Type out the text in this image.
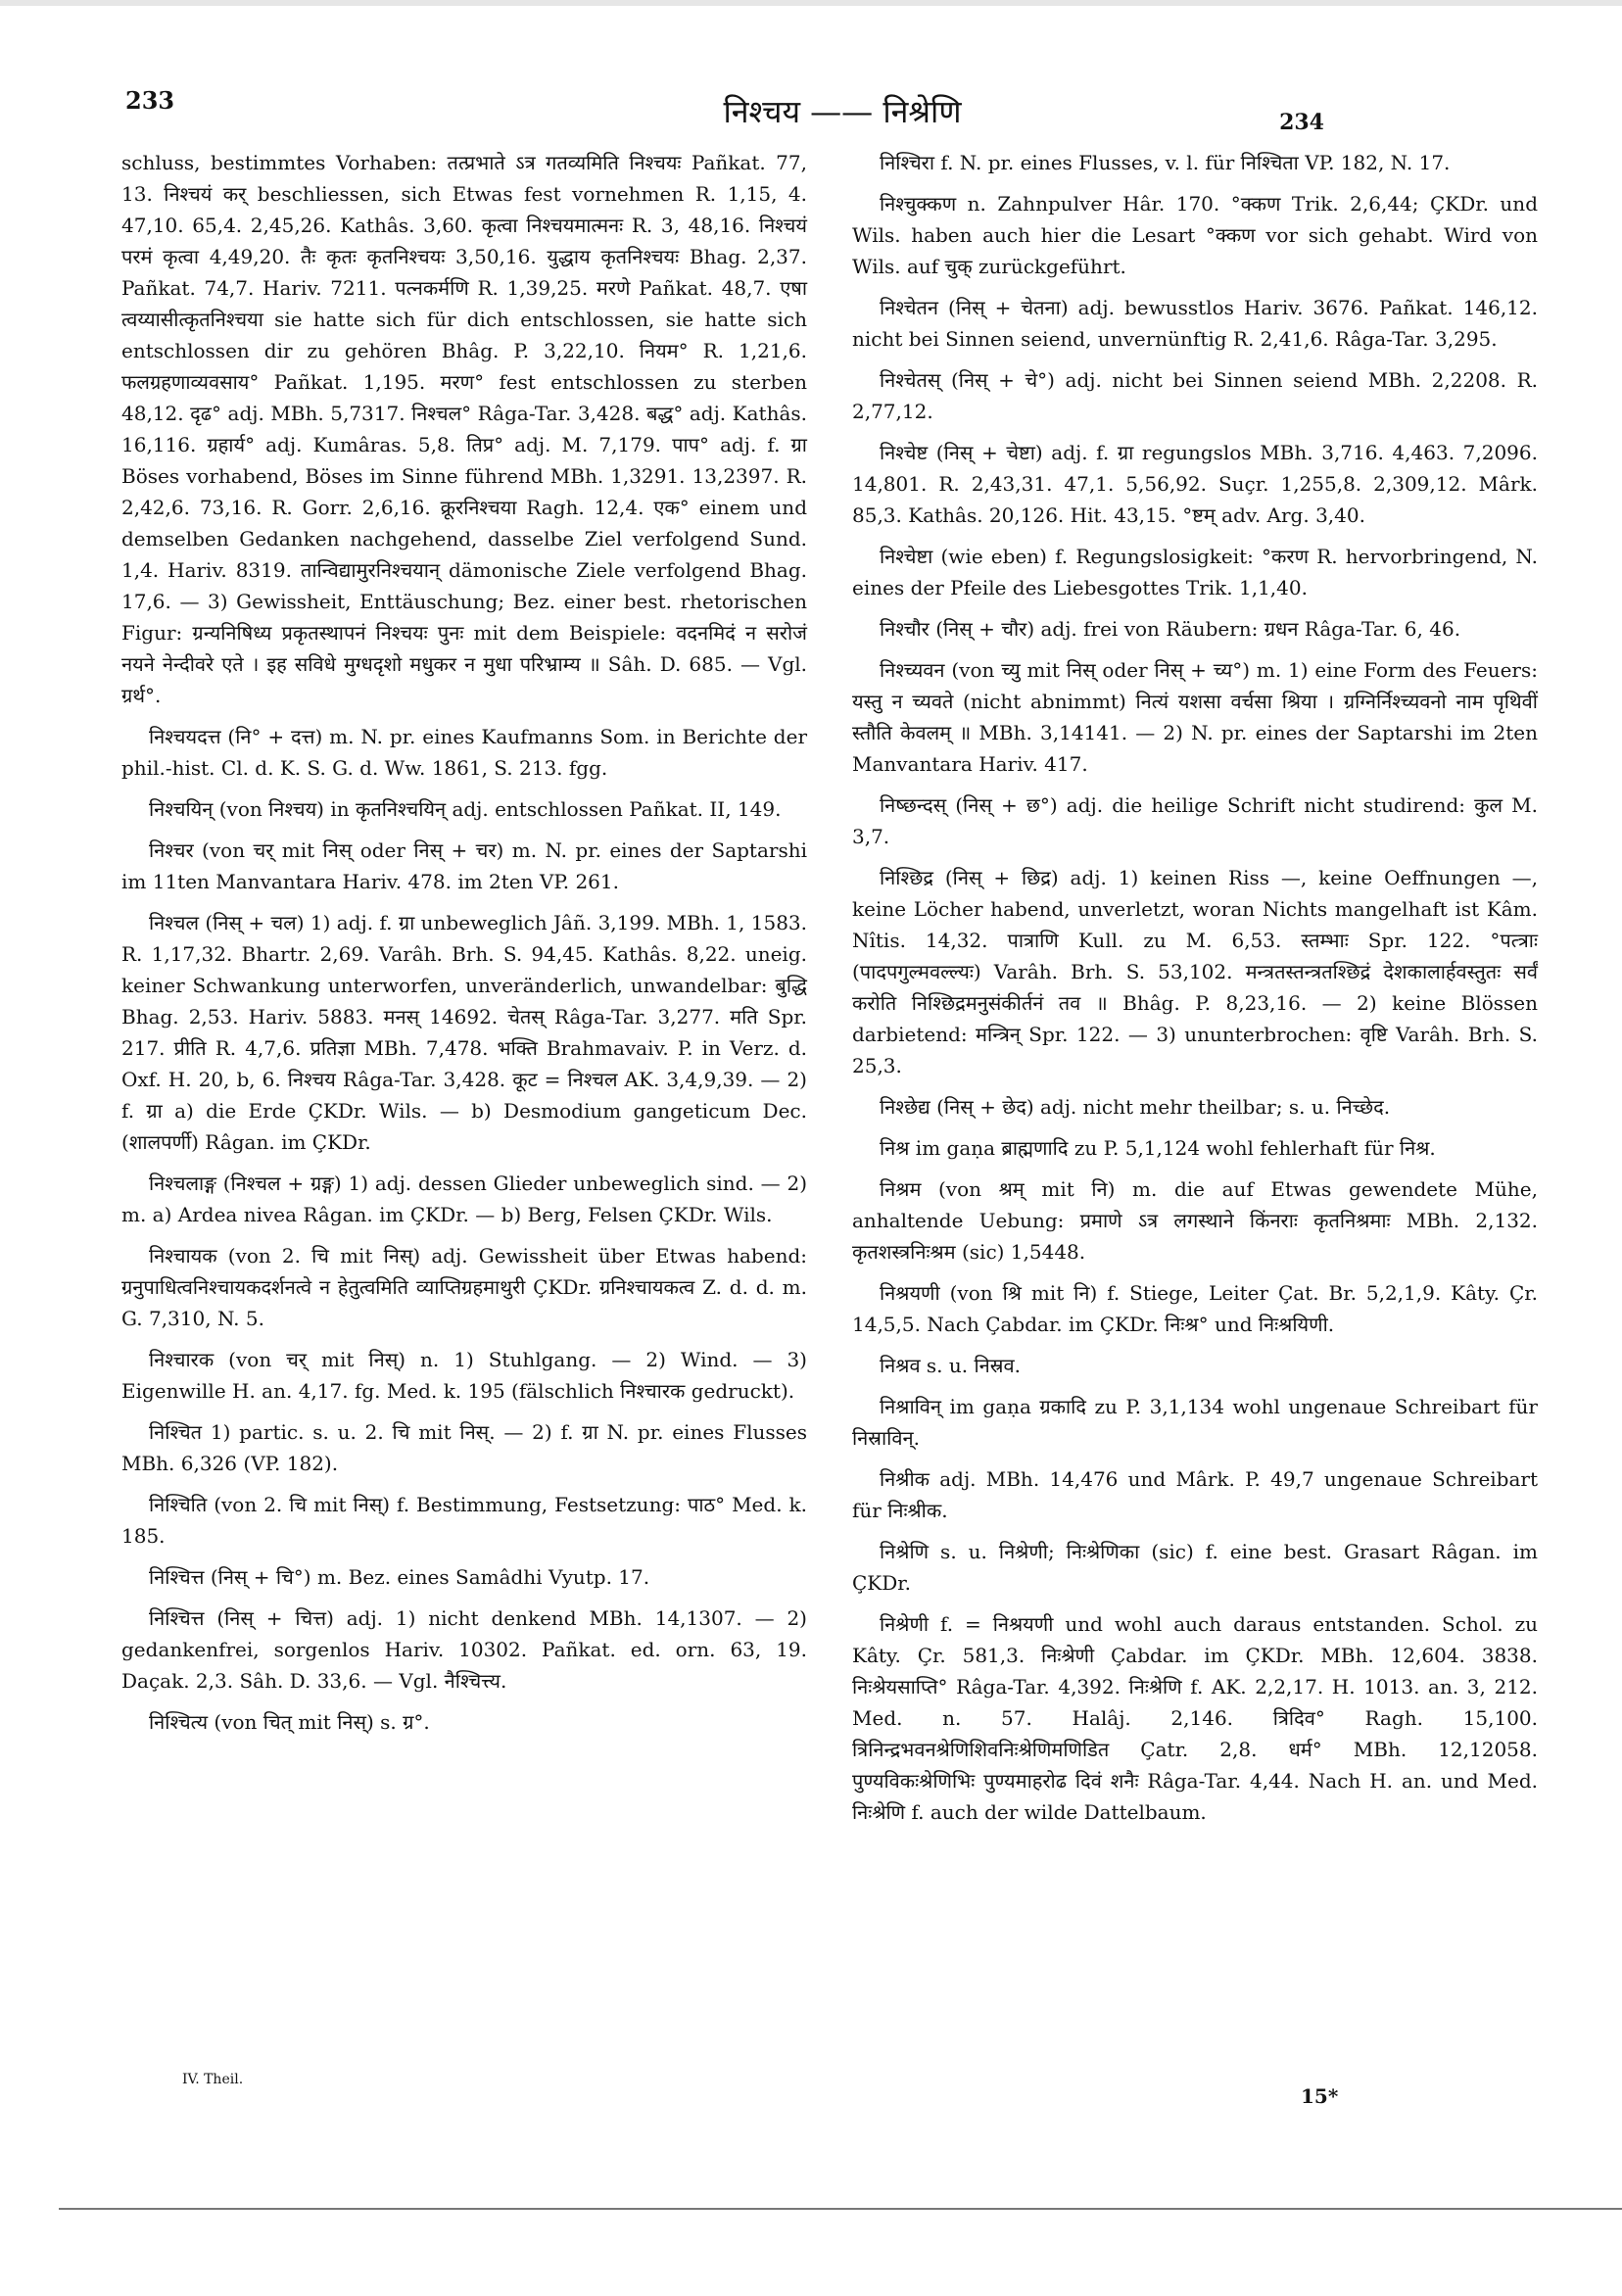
233	निश्चय —— निश्रेणि	234

schluss, bestimmtes Vorhaben: तत्प्रभाते ऽत्र गतव्यमिति निश्चयः Pañkat. 77, 13. निश्चयं कर् beschliessen, sich Etwas fest vornehmen R. 1,15, 4. 47,10. 65,4. 2,45,26. Kathâs. 3,60. कृत्वा निश्चयमात्मनः R. 3, 48,16. निश्चयं परमं कृत्वा 4,49,20. तैः कृतः कृतनिश्चयः 3,50,16. युद्धाय कृतनिश्चयः Bhag. 2,37. Pañkat. 74,7. Hariv. 7211. पत्नकर्मणि R. 1,39,25. मरणे Pañkat. 48,7. एषा त्वय्यासीत्कृतनिश्चया sie hatte sich für dich entschlossen, sie hatte sich entschlossen dir zu gehören Bhâg. P. 3,22,10. नियम° R. 1,21,6. फलग्रहणाव्यवसाय° Pañkat. 1,195. मरण° fest entschlossen zu sterben 48,12. दृढ° adj. MBh. 5,7317. निश्चल° Râga-Tar. 3,428. बद्ध° adj. Kathâs. 16,116. ग्रहार्य° adj. Kumâras. 5,8. तिप्र° adj. M. 7,179. पाप° adj. f. ग्रा Böses vorhabend, Böses im Sinne führend MBh. 1,3291. 13,2397. R. 2,42,6. 73,16. R. Gorr. 2,6,16. क्रूरनिश्चया Ragh. 12,4. एक° einem und demselben Gedanken nachgehend, dasselbe Ziel verfolgend Sund. 1,4. Hariv. 8319. तान्विद्यामुरनिश्चयान् dämonische Ziele verfolgend Bhag. 17,6. — 3) Gewissheit, Enttäuschung; Bez. einer best. rhetorischen Figur: ग्रन्यनिषिध्य प्रकृतस्थापनं निश्चयः पुनः mit dem Beispiele: वदनमिदं न सरोजं नयने नेन्दीवरे एते । इह सविधे मुग्धदृशो मधुकर न मुधा परिभ्राम्य ॥ Sâh. D. 685. — Vgl. ग्रर्थ°.

निश्चयदत्त (नि° + दत्त) m. N. pr. eines Kaufmanns Som. in Berichte der phil.-hist. Cl. d. K. S. G. d. Ww. 1861, S. 213. fgg.

निश्चयिन् (von निश्चय) in कृतनिश्चयिन् adj. entschlossen Pañkat. II, 149.

निश्चर (von चर् mit निस् oder निस् + चर) m. N. pr. eines der Saptarshi im 11ten Manvantara Hariv. 478. im 2ten VP. 261.

निश्चल (निस् + चल) 1) adj. f. ग्रा unbeweglich Jâñ. 3,199. MBh. 1, 1583. R. 1,17,32. Bhartr. 2,69. Varâh. Brh. S. 94,45. Kathâs. 8,22. uneig. keiner Schwankung unterworfen, unveränderlich, unwandelbar: बुद्धि Bhag. 2,53. Hariv. 5883. मनस् 14692. चेतस् Râga-Tar. 3,277. मति Spr. 217. प्रीति R. 4,7,6. प्रतिज्ञा MBh. 7,478. भक्ति Brahmavaiv. P. in Verz. d. Oxf. H. 20, b, 6. निश्चय Râga-Tar. 3,428. कूट = निश्चल AK. 3,4,9,39. — 2) f. ग्रा a) die Erde ÇKDr. Wils. — b) Desmodium gangeticum Dec. (शालपर्णी) Râgan. im ÇKDr.

निश्चलाङ्ग (निश्चल + ग्रङ्ग) 1) adj. dessen Glieder unbeweglich sind. — 2) m. a) Ardea nivea Râgan. im ÇKDr. — b) Berg, Felsen ÇKDr. Wils.

निश्चायक (von 2. चि mit निस्) adj. Gewissheit über Etwas habend: ग्रनुपाधित्वनिश्चायकदर्शनत्वे न हेतुत्वमिति व्याप्तिग्रहमाथुरी ÇKDr. ग्रनिश्चायकत्व Z. d. d. m. G. 7,310, N. 5.

निश्चारक (von चर् mit निस्) n. 1) Stuhlgang. — 2) Wind. — 3) Eigenwille H. an. 4,17. fg. Med. k. 195 (fälschlich निश्चारक gedruckt).

निश्चित 1) partic. s. u. 2. चि mit निस्. — 2) f. ग्रा N. pr. eines Flusses MBh. 6,326 (VP. 182).

निश्चिति (von 2. चि mit निस्) f. Bestimmung, Festsetzung: पाठ° Med. k. 185.

निश्चित्त (निस् + चि°) m. Bez. eines Samâdhi Vyutp. 17.

निश्चित्त (निस् + चित्त) adj. 1) nicht denkend MBh. 14,1307. — 2) gedankenfrei, sorgenlos Hariv. 10302. Pañkat. ed. orn. 63, 19. Daçak. 2,3. Sâh. D. 33,6. — Vgl. नैश्चित्त्य.

निश्चित्य (von चित् mit निस्) s. ग्र°.

निश्चिरा f. N. pr. eines Flusses, v. l. für निश्चिता VP. 182, N. 17.

निश्चुक्कण n. Zahnpulver Hâr. 170. °क्कण Trik. 2,6,44; ÇKDr. und Wils. haben auch hier die Lesart °क्कण vor sich gehabt. Wird von Wils. auf चुक् zurückgeführt.

निश्चेतन (निस् + चेतना) adj. bewusstlos Hariv. 3676. Pañkat. 146,12. nicht bei Sinnen seiend, unvernünftig R. 2,41,6. Râga-Tar. 3,295.

निश्चेतस् (निस् + चे°) adj. nicht bei Sinnen seiend MBh. 2,2208. R. 2,77,12.

निश्चेष्ट (निस् + चेष्टा) adj. f. ग्रा regungslos MBh. 3,716. 4,463. 7,2096. 14,801. R. 2,43,31. 47,1. 5,56,92. Suçr. 1,255,8. 2,309,12. Mârk. 85,3. Kathâs. 20,126. Hit. 43,15. °ष्टम् adv. Arg. 3,40.

निश्चेष्टा (wie eben) f. Regungslosigkeit: °करण R. hervorbringend, N. eines der Pfeile des Liebesgottes Trik. 1,1,40.

निश्चौर (निस् + चौर) adj. frei von Räubern: ग्रधन Râga-Tar. 6, 46.

निश्च्यवन (von च्यु mit निस् oder निस् + च्य°) m. 1) eine Form des Feuers: यस्तु न च्यवते (nicht abnimmt) नित्यं यशसा वर्चसा श्रिया । ग्रग्निर्निश्च्यवनो नाम पृथिवीं स्तौति केवलम् ॥ MBh. 3,14141. — 2) N. pr. eines der Saptarshi im 2ten Manvantara Hariv. 417.

निष्छन्दस् (निस् + छ°) adj. die heilige Schrift nicht studirend: कुल M. 3,7.

निश्छिद्र (निस् + छिद्र) adj. 1) keinen Riss —, keine Oeffnungen —, keine Löcher habend, unverletzt, woran Nichts mangelhaft ist Kâm. Nîtis. 14,32. पात्राणि Kull. zu M. 6,53. स्तम्भाः Spr. 122. °पत्त्राः (पादपगुल्मवल्ल्यः) Varâh. Brh. S. 53,102. मन्त्रतस्तन्त्रतश्छिद्रं देशकालार्हवस्तुतः सर्वं करोति निश्छिद्रमनुसंकीर्तनं तव ॥ Bhâg. P. 8,23,16. — 2) keine Blössen darbietend: मन्त्रिन् Spr. 122. — 3) ununterbrochen: वृष्टि Varâh. Brh. S. 25,3.

निश्छेद्य (निस् + छेद) adj. nicht mehr theilbar; s. u. निच्छेद.

निश्र im gaṇa ब्राह्मणादि zu P. 5,1,124 wohl fehlerhaft für निश्र.

निश्रम (von श्रम् mit नि) m. die auf Etwas gewendete Mühe, anhaltende Uebung: प्रमाणे ऽत्र लगस्थाने किंनराः कृतनिश्रमाः MBh. 2,132. कृतशस्त्रनिःश्रम (sic) 1,5448.

निश्रयणी (von श्रि mit नि) f. Stiege, Leiter Çat. Br. 5,2,1,9. Kâty. Çr. 14,5,5. Nach Çabdar. im ÇKDr. निःश्र° und निःश्रयिणी.

निश्रव s. u. निस्रव.

निश्राविन् im gaṇa ग्रकादि zu P. 3,1,134 wohl ungenaue Schreibart für निस्राविन्.

निश्रीक adj. MBh. 14,476 und Mârk. P. 49,7 ungenaue Schreibart für निःश्रीक.

निश्रेणि s. u. निश्रेणी; निःश्रेणिका (sic) f. eine best. Grasart Râgan. im ÇKDr.

निश्रेणी f. = निश्रयणी und wohl auch daraus entstanden. Schol. zu Kâty. Çr. 581,3. निःश्रेणी Çabdar. im ÇKDr. MBh. 12,604. 3838. निःश्रेयसाप्ति° Râga-Tar. 4,392. निःश्रेणि f. AK. 2,2,17. H. 1013. an. 3, 212. Med. n. 57. Halâj. 2,146. त्रिदिव° Ragh. 15,100. त्रिनिन्द्रभवनश्रेणिशिवनिःश्रेणिमणिडित Çatr. 2,8. धर्म° MBh. 12,12058. पुण्यविकःश्रेणिभिः पुण्यमाहरोढ दिवं शनैः Râga-Tar. 4,44. Nach H. an. und Med. निःश्रेणि f. auch der wilde Dattelbaum.

IV. Theil.
15*
